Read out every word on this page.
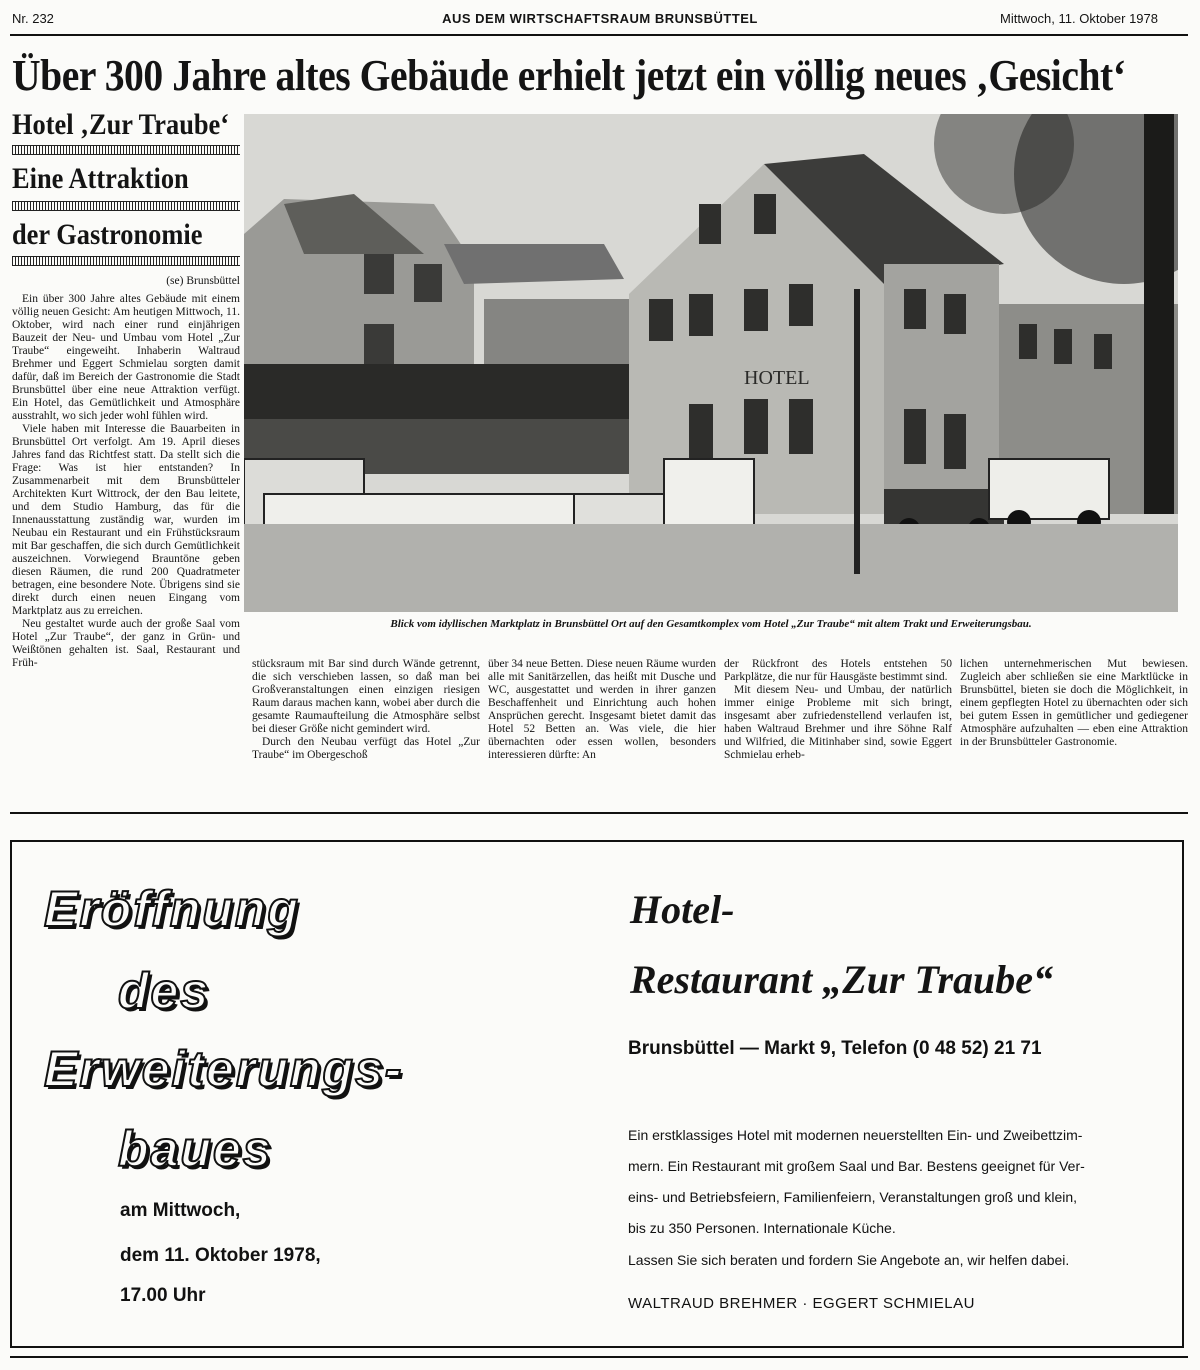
Nr. 232	AUS DEM WIRTSCHAFTSRAUM BRUNSBÜTTEL	Mittwoch, 11. Oktober 1978
Über 300 Jahre altes Gebäude erhielt jetzt ein völlig neues ‚Gesicht‘
Hotel ‚Zur Traube‘
Eine Attraktion
der Gastronomie
(se) Brunsbüttel

Ein über 300 Jahre altes Gebäude mit einem völlig neuen Gesicht: Am heutigen Mittwoch, 11. Oktober, wird nach einer rund einjährigen Bauzeit der Neu- und Umbau vom Hotel „Zur Traube“ eingeweiht. Inhaberin Waltraud Brehmer und Eggert Schmielau sorgten damit dafür, daß im Bereich der Gastronomie die Stadt Brunsbüttel über eine neue Attraktion verfügt. Ein Hotel, das Gemütlichkeit und Atmosphäre ausstrahlt, wo sich jeder wohl fühlen wird.

Viele haben mit Interesse die Bauarbeiten in Brunsbüttel Ort verfolgt. Am 19. April dieses Jahres fand das Richtfest statt. Da stellt sich die Frage: Was ist hier entstanden? In Zusammenarbeit mit dem Brunsbütteler Architekten Kurt Wittrock, der den Bau leitete, und dem Studio Hamburg, das für die Innenausstattung zuständig war, wurden im Neubau ein Restaurant und ein Frühstücksraum mit Bar geschaffen, die sich durch Gemütlichkeit auszeichnen. Vorwiegend Brauntöne geben diesen Räumen, die rund 200 Quadratmeter betragen, eine besondere Note. Übrigens sind sie direkt durch einen neuen Eingang vom Marktplatz aus zu erreichen.

Neu gestaltet wurde auch der große Saal vom Hotel „Zur Traube“, der ganz in Grün- und Weißtönen gehalten ist. Saal, Restaurant und Früh-

HOTEL
Blick vom idyllischen Marktplatz in Brunsbüttel Ort auf den Gesamtkomplex vom Hotel „Zur Traube“ mit altem Trakt und Erweiterungsbau.

stücksraum mit Bar sind durch Wände getrennt, die sich verschieben lassen, so daß man bei Großveranstaltungen einen einzigen riesigen Raum daraus machen kann, wobei aber durch die gesamte Raumaufteilung die Atmosphäre selbst bei dieser Größe nicht gemindert wird.

Durch den Neubau verfügt das Hotel „Zur Traube“ im Obergeschoß

über 34 neue Betten. Diese neuen Räume wurden alle mit Sanitärzellen, das heißt mit Dusche und WC, ausgestattet und werden in ihrer ganzen Beschaffenheit und Einrichtung auch hohen Ansprüchen gerecht. Insgesamt bietet damit das Hotel 52 Betten an. Was viele, die hier übernachten oder essen wollen, besonders interessieren dürfte: An

der Rückfront des Hotels entstehen 50 Parkplätze, die nur für Hausgäste bestimmt sind.

Mit diesem Neu- und Umbau, der natürlich immer einige Probleme mit sich bringt, insgesamt aber zufriedenstellend verlaufen ist, haben Waltraud Brehmer und ihre Söhne Ralf und Wilfried, die Mitinhaber sind, sowie Eggert Schmielau erheb-

lichen unternehmerischen Mut bewiesen. Zugleich aber schließen sie eine Marktlücke in Brunsbüttel, bieten sie doch die Möglichkeit, in einem gepflegten Hotel zu übernachten oder sich bei gutem Essen in gemütlicher und gediegener Atmosphäre aufzuhalten — eben eine Attraktion in der Brunsbütteler Gastronomie.

Eröffnung
des
Erweiterungs-
baues
am Mittwoch,
dem 11. Oktober 1978,
17.00 Uhr
Hotel-
Restaurant „Zur Traube“
Brunsbüttel — Markt 9, Telefon (0 48 52) 21 71
Ein erstklassiges Hotel mit modernen neuerstellten Ein- und Zweibettzim-
mern. Ein Restaurant mit großem Saal und Bar. Bestens geeignet für Ver-
eins- und Betriebsfeiern, Familienfeiern, Veranstaltungen groß und klein,
bis zu 350 Personen. Internationale Küche.
Lassen Sie sich beraten und fordern Sie Angebote an, wir helfen dabei.
WALTRAUD BREHMER · EGGERT SCHMIELAU
